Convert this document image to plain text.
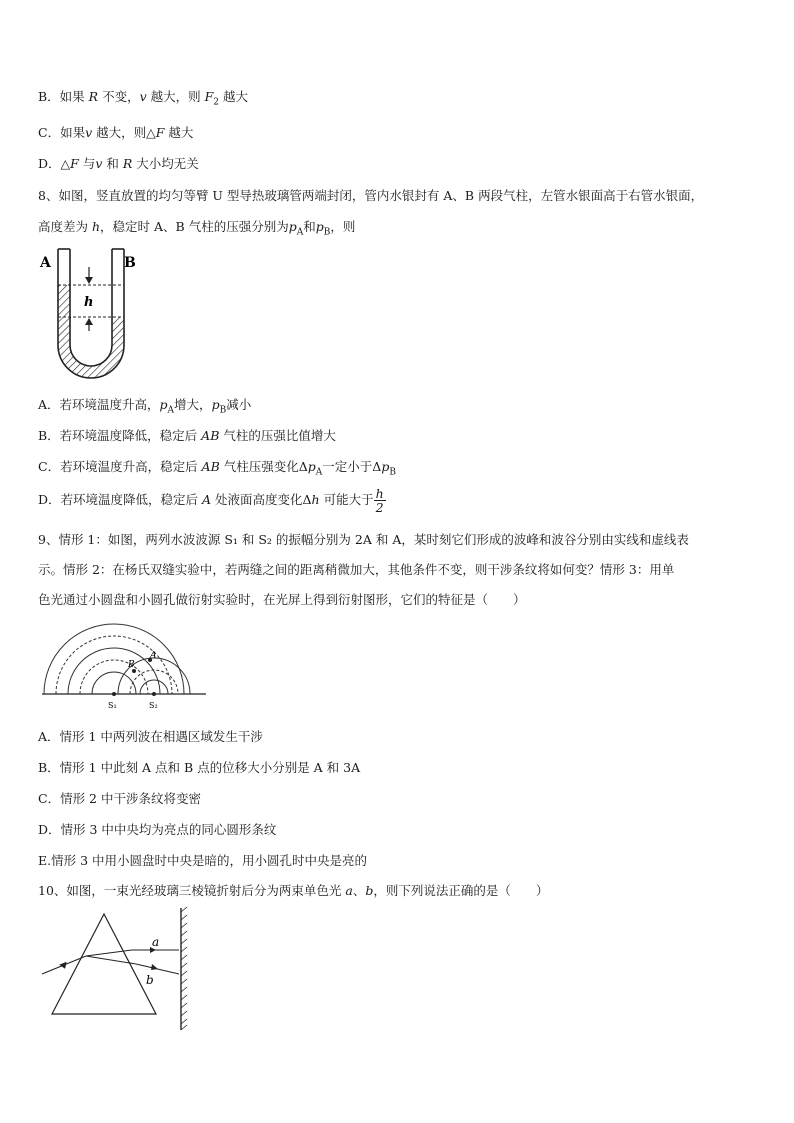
B．如果 R 不变，v 越大，则 $F_2$ 越大
C．如果v 越大，则△F 越大
D．△F 与v 和 R 大小均无关
8、如图，竖直放置的均匀等臂 U 型导热玻璃管两端封闭，管内水银封有 A、B 两段气柱，左管水银面高于右管水银面，
高度差为 h，稳定时 A、B 气柱的压强分别为$p_A$和$p_B$，则
A	B
h
A．若环境温度升高，$p_A$增大，$p_B$减小
B．若环境温度降低，稳定后 AB 气柱的压强比值增大
C．若环境温度升高，稳定后 AB 气柱压强变化$\Delta p_A$一定小于$\Delta p_B$
D．若环境温度降低，稳定后 A 处液面高度变化Δh 可能大于 $\frac{h}{2}$
9、情形 1：如图，两列水波波源 S₁ 和 S₂ 的振幅分别为 2A 和 A，某时刻它们形成的波峰和波谷分别由实线和虚线表
示。情形 2：在杨氏双缝实验中，若两缝之间的距离稍微加大，其他条件不变，则干涉条纹将如何变？情形 3：用单
色光通过小圆盘和小圆孔做衍射实验时，在光屏上得到衍射图形，它们的特征是（　　）
A
B
S₁	S₂
A．情形 1 中两列波在相遇区域发生干涉
B．情形 1 中此刻 A 点和 B 点的位移大小分别是 A 和 3A
C．情形 2 中干涉条纹将变密
D．情形 3 中中央均为亮点的同心圆形条纹
E.情形 3 中用小圆盘时中央是暗的，用小圆孔时中央是亮的
10、如图，一束光经玻璃三棱镜折射后分为两束单色光 a、b，则下列说法正确的是（　　）
a
b
